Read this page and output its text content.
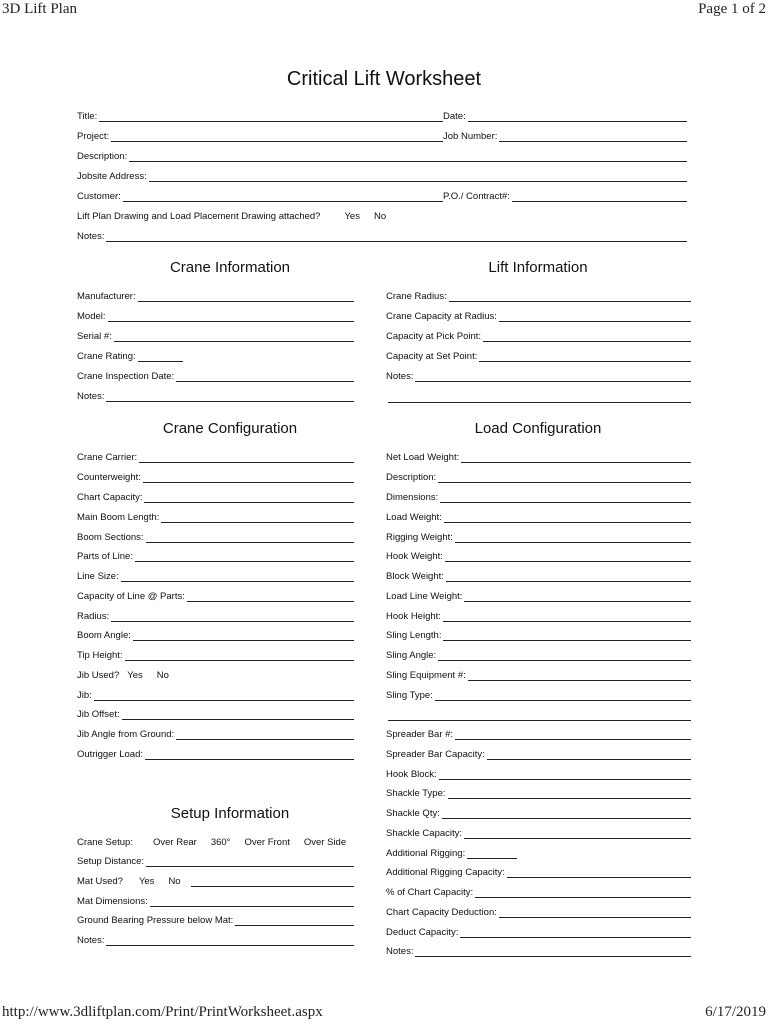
3D Lift Plan	Page 1 of 2
http://www.3dliftplan.com/Print/PrintWorksheet.aspx	6/17/2019
Critical Lift Worksheet
Title:	Date:
Project:	Job Number:
Description:
Jobsite Address:
Customer:	P.O./ Contract#:
Lift Plan Drawing and Load Placement Drawing attached?	Yes No
Notes:
Crane Information	Lift Information
Manufacturer:
Model:
Serial #:
Crane Rating:
Crane Inspection Date:
Notes:
Crane Radius:
Crane Capacity at Radius:
Capacity at Pick Point:
Capacity at Set Point:
Notes:
Crane Configuration	Load Configuration
Crane Carrier:
Counterweight:
Chart Capacity:
Main Boom Length:
Boom Sections:
Parts of Line:
Line Size:
Capacity of Line @ Parts:
Radius:
Boom Angle:
Tip Height:
Jib Used? Yes No
Jib:
Jib Offset:
Jib Angle from Ground:
Outrigger Load:
Net Load Weight:
Description:
Dimensions:
Load Weight:
Rigging Weight:
Hook Weight:
Block Weight:
Load Line Weight:
Hook Height:
Sling Length:
Sling Angle:
Sling Equipment #:
Sling Type:
Spreader Bar #:
Spreader Bar Capacity:
Hook Block:
Shackle Type:
Shackle Qty:
Shackle Capacity:
Additional Rigging:
Additional Rigging Capacity:
% of Chart Capacity:
Chart Capacity Deduction:
Deduct Capacity:
Notes:
Setup Information
Crane Setup: Over Rear 360° Over Front Over Side
Setup Distance:
Mat Used? Yes No
Mat Dimensions:
Ground Bearing Pressure below Mat:
Notes:
